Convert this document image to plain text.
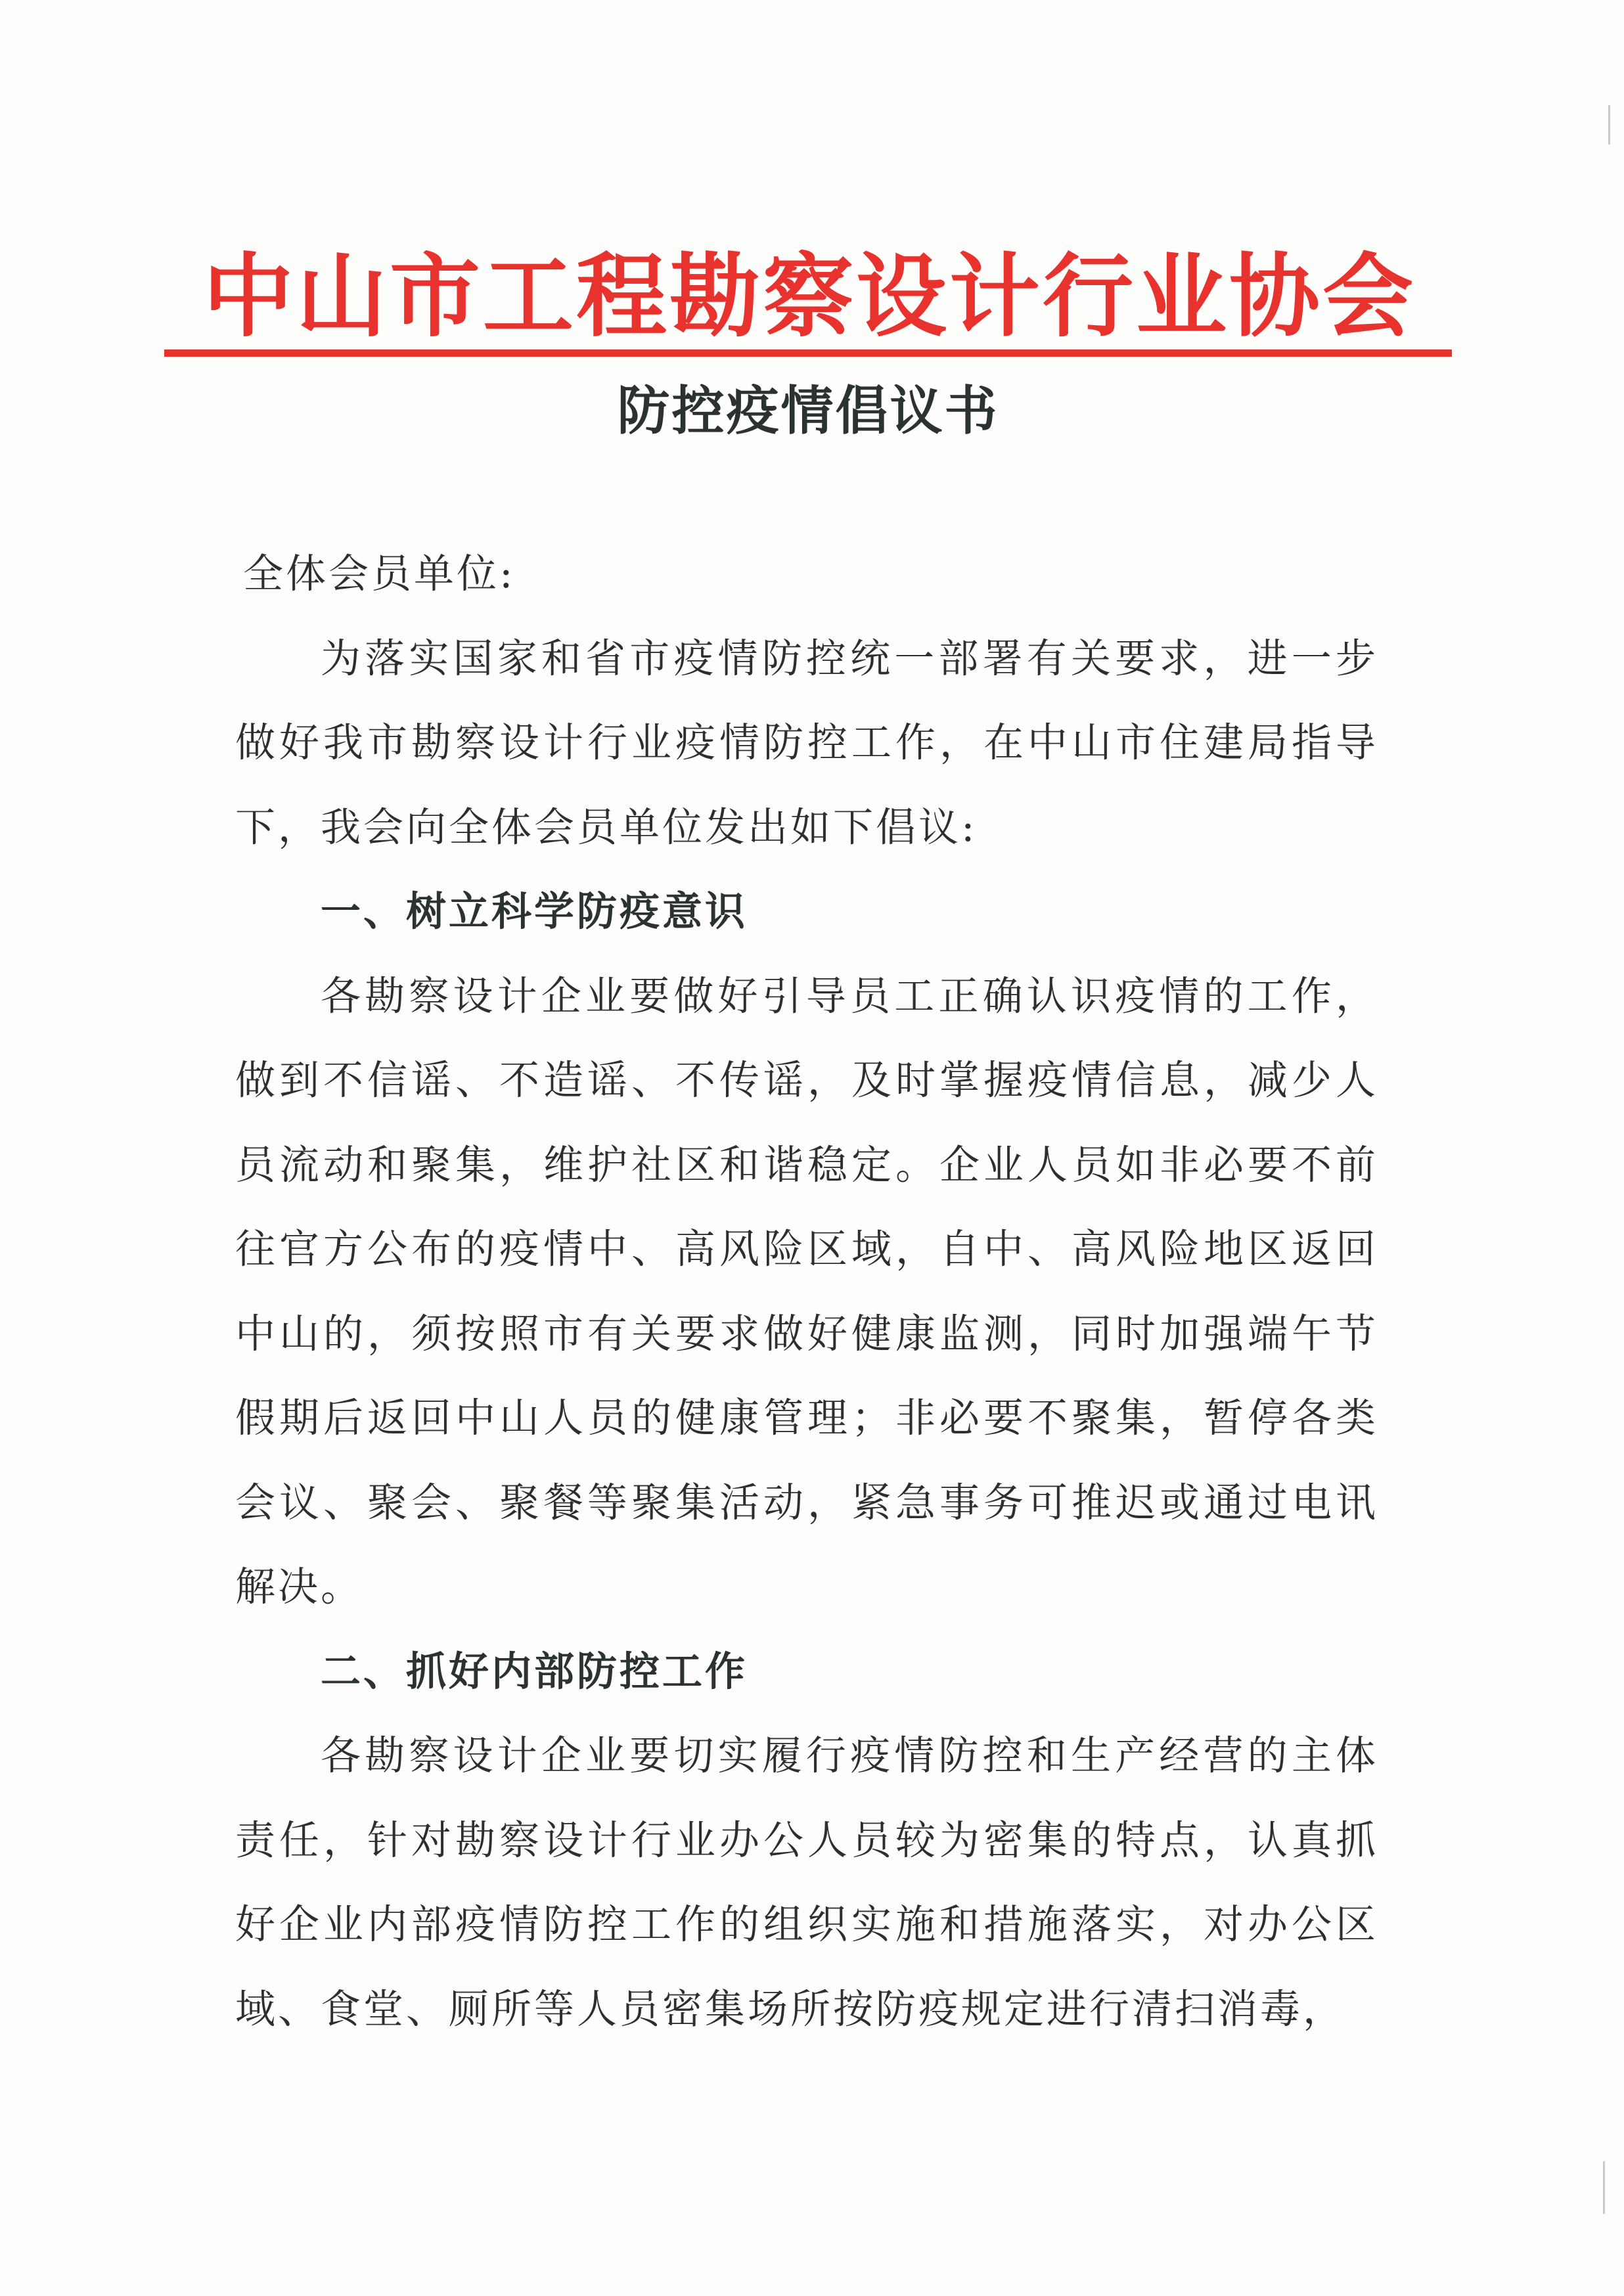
中山市工程勘察设计行业协会
防控疫情倡议书

全体会员单位:

为落实国家和省市疫情防控统一部署有关要求，进一步做好我市勘察设计行业疫情防控工作，在中山市住建局指导下，我会向全体会员单位发出如下倡议:

一、树立科学防疫意识

各勘察设计企业要做好引导员工正确认识疫情的工作，做到不信谣、不造谣、不传谣，及时掌握疫情信息，减少人员流动和聚集，维护社区和谐稳定。企业人员如非必要不前往官方公布的疫情中、高风险区域，自中、高风险地区返回中山的，须按照市有关要求做好健康监测，同时加强端午节假期后返回中山人员的健康管理；非必要不聚集，暂停各类会议、聚会、聚餐等聚集活动，紧急事务可推迟或通过电讯解决。

二、抓好内部防控工作

各勘察设计企业要切实履行疫情防控和生产经营的主体责任，针对勘察设计行业办公人员较为密集的特点，认真抓好企业内部疫情防控工作的组织实施和措施落实，对办公区域、食堂、厕所等人员密集场所按防疫规定进行清扫消毒，
